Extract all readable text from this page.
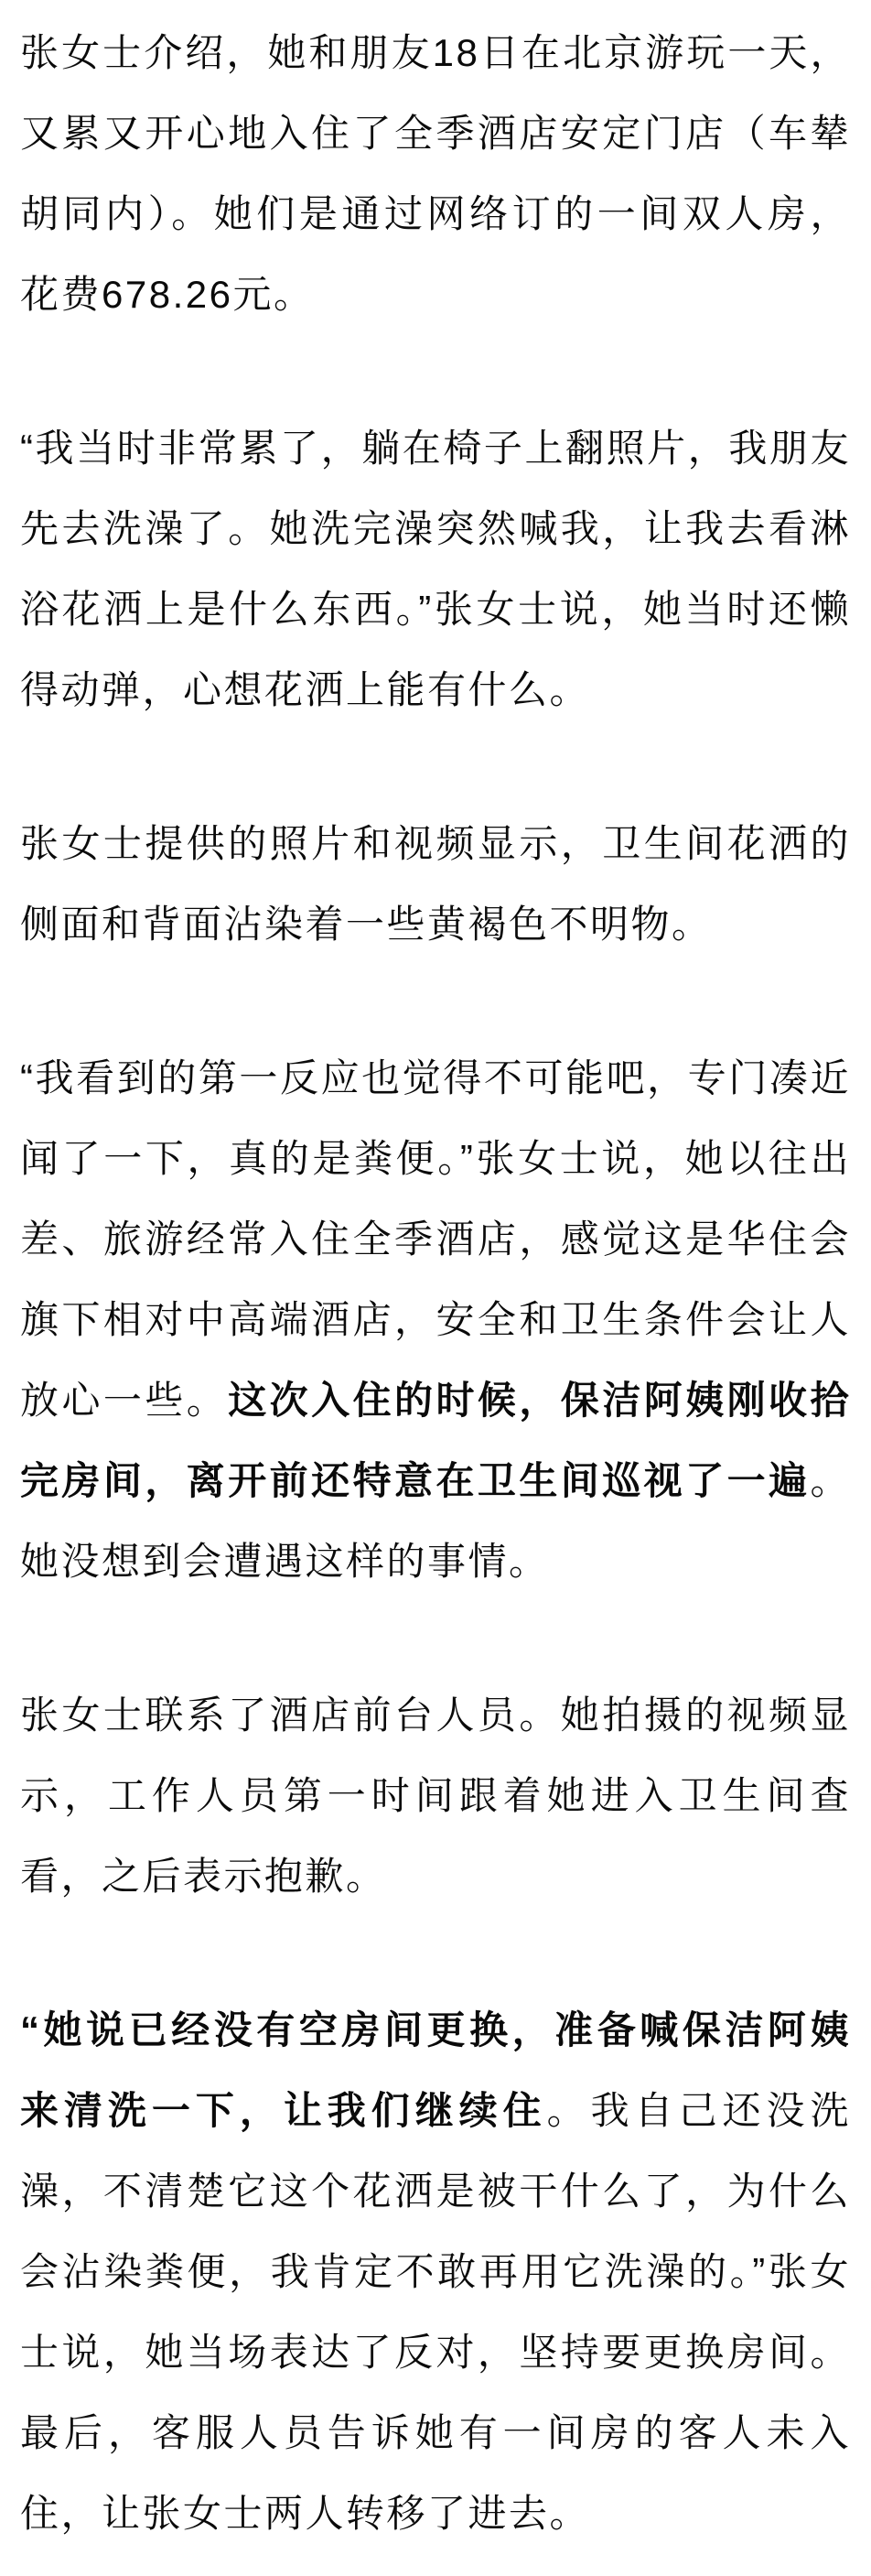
张女士介绍，她和朋友18日在北京游玩一天，又累又开心地入住了全季酒店安定门店（车辇胡同内）。她们是通过网络订的一间双人房，花费678.26元。

“我当时非常累了，躺在椅子上翻照片，我朋友先去洗澡了。她洗完澡突然喊我，让我去看淋浴花洒上是什么东西。”张女士说，她当时还懒得动弹，心想花洒上能有什么。

张女士提供的照片和视频显示，卫生间花洒的侧面和背面沾染着一些黄褐色不明物。

“我看到的第一反应也觉得不可能吧，专门凑近闻了一下，真的是粪便。”张女士说，她以往出差、旅游经常入住全季酒店，感觉这是华住会旗下相对中高端酒店，安全和卫生条件会让人放心一些。这次入住的时候，保洁阿姨刚收拾完房间，离开前还特意在卫生间巡视了一遍。她没想到会遭遇这样的事情。

张女士联系了酒店前台人员。她拍摄的视频显示，工作人员第一时间跟着她进入卫生间查看，之后表示抱歉。

“她说已经没有空房间更换，准备喊保洁阿姨来清洗一下，让我们继续住。我自己还没洗澡，不清楚它这个花洒是被干什么了，为什么会沾染粪便，我肯定不敢再用它洗澡的。”张女士说，她当场表达了反对，坚持要更换房间。最后，客服人员告诉她有一间房的客人未入住，让张女士两人转移了进去。
